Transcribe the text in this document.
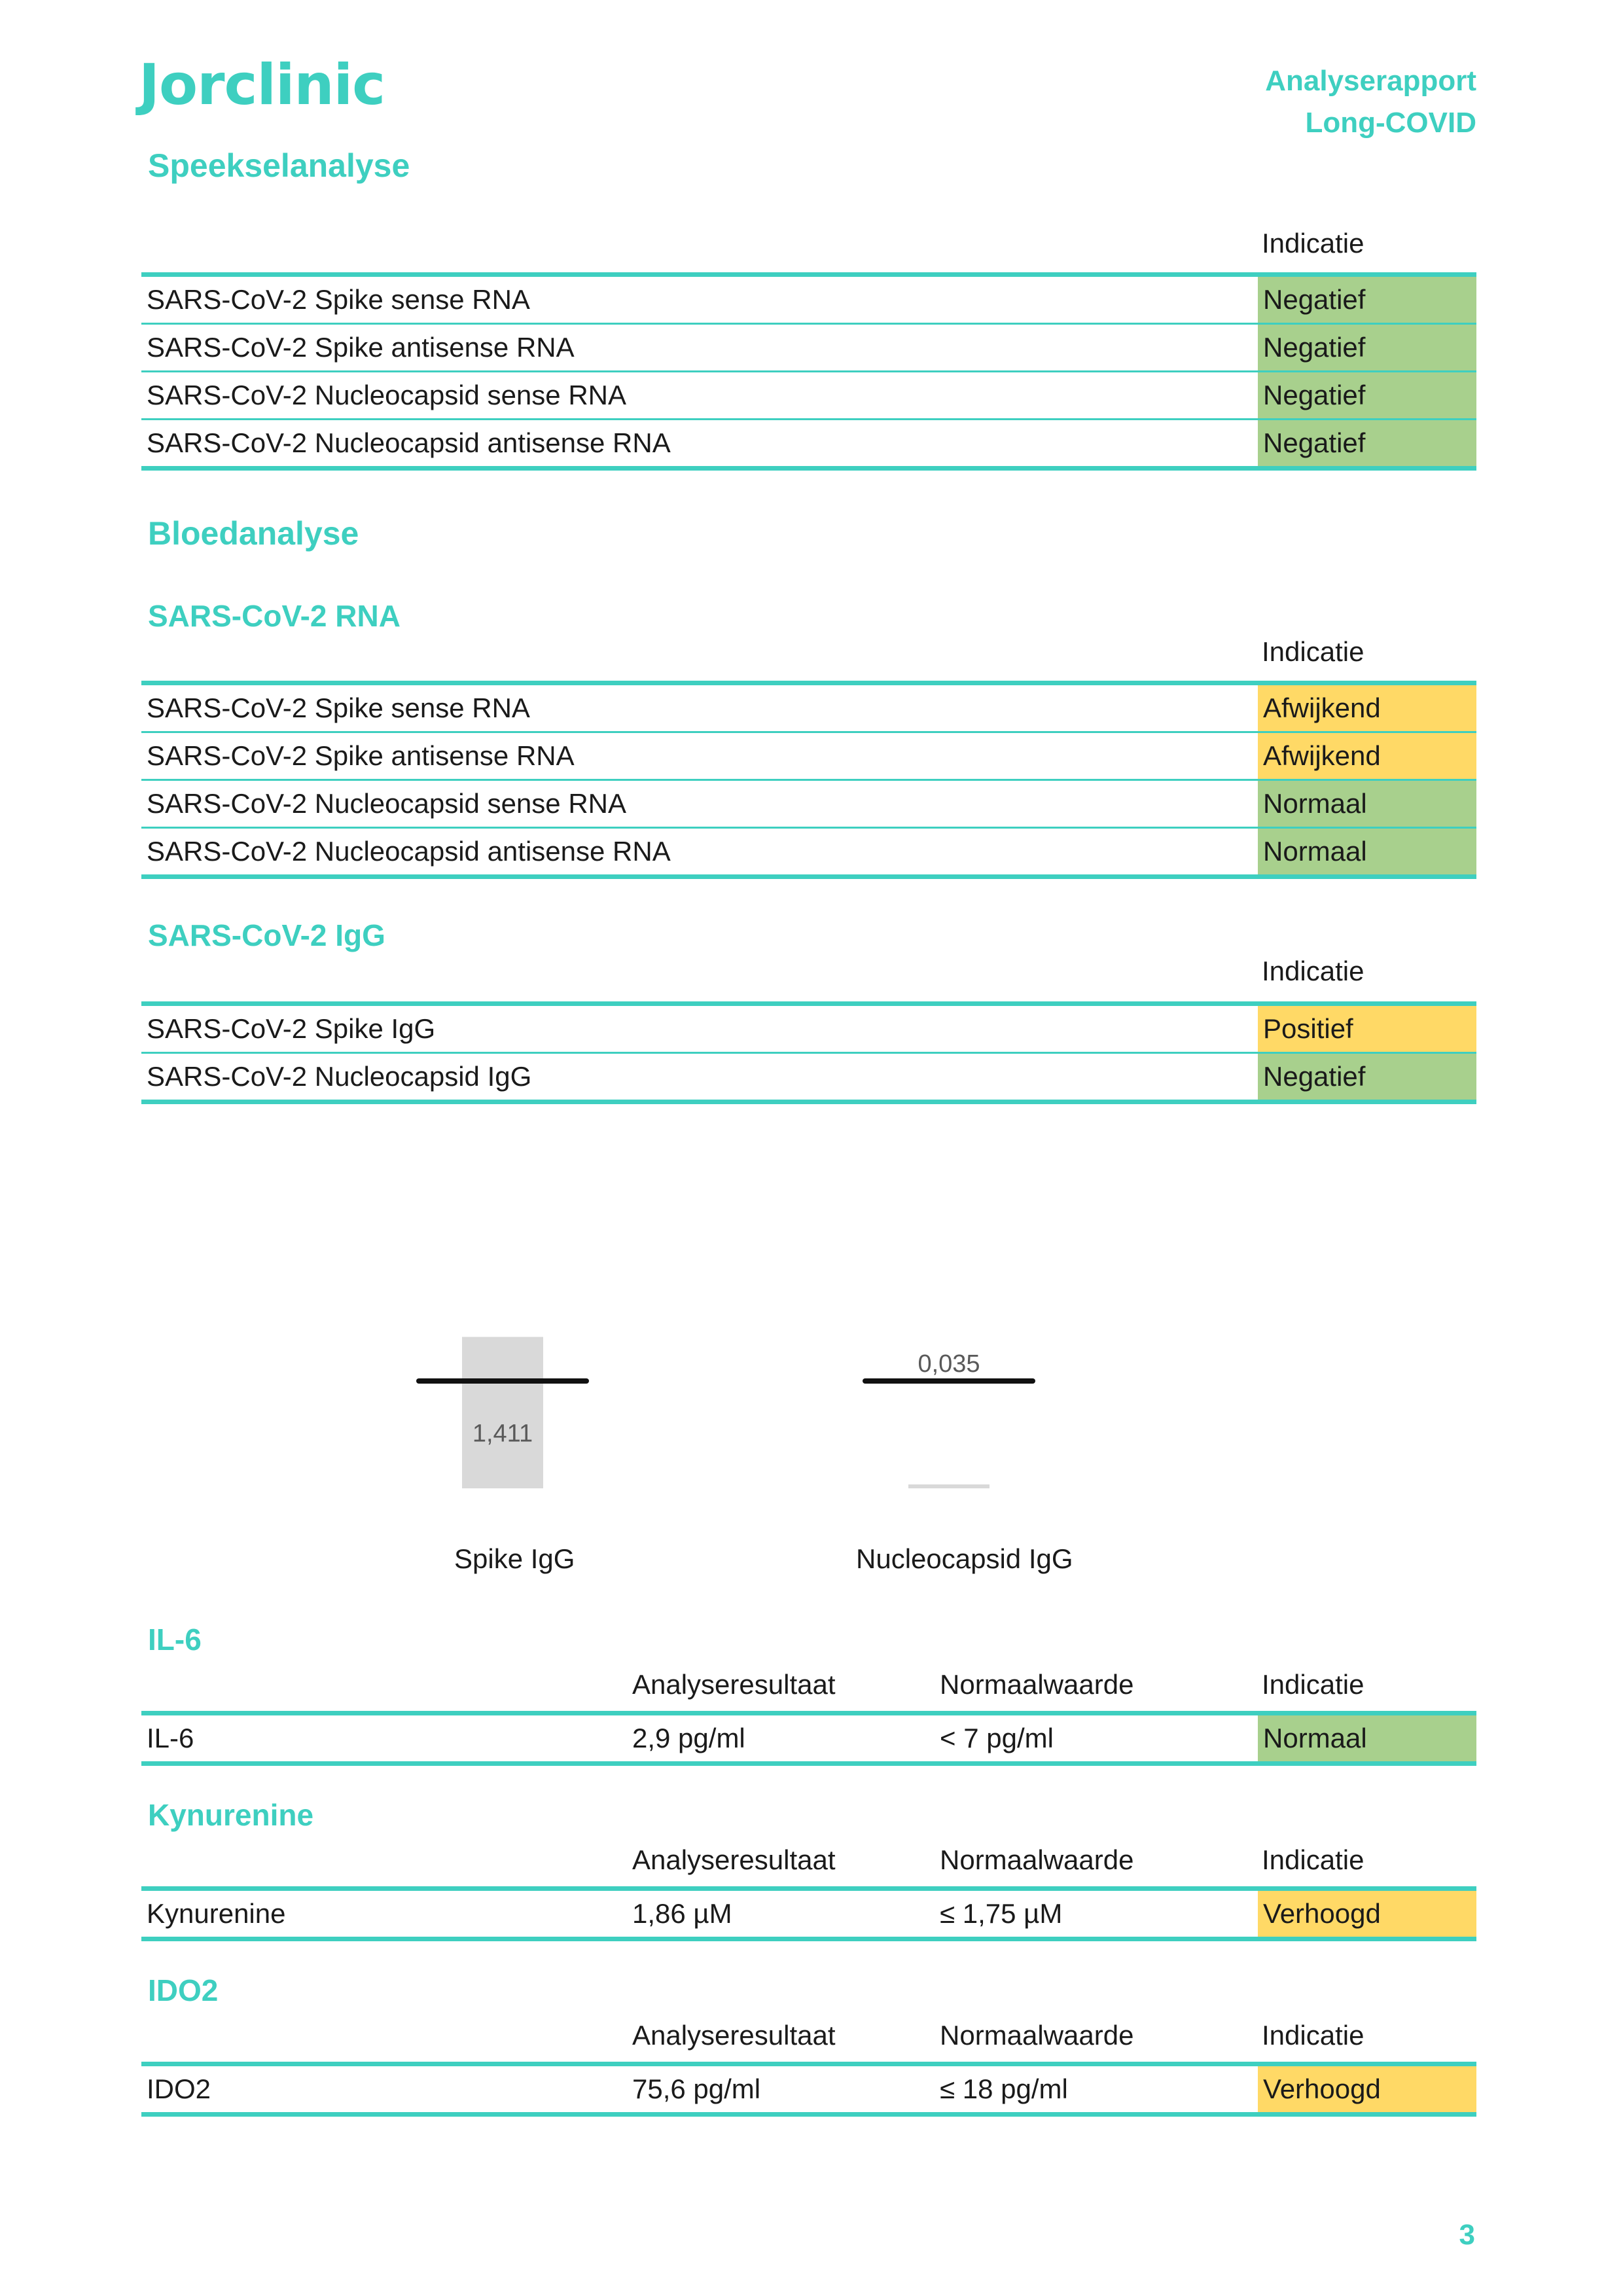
Jorclinic	Analyserapport
Long-COVID
Speekselanalyse
Indicatie
SARS-CoV-2 Spike sense RNA	Negatief
SARS-CoV-2 Spike antisense RNA	Negatief
SARS-CoV-2 Nucleocapsid sense RNA	Negatief
SARS-CoV-2 Nucleocapsid antisense RNA	Negatief
Bloedanalyse
SARS-CoV-2 RNA
Indicatie
SARS-CoV-2 Spike sense RNA	Afwijkend
SARS-CoV-2 Spike antisense RNA	Afwijkend
SARS-CoV-2 Nucleocapsid sense RNA	Normaal
SARS-CoV-2 Nucleocapsid antisense RNA	Normaal
SARS-CoV-2 IgG
Indicatie
SARS-CoV-2 Spike IgG	Positief
SARS-CoV-2 Nucleocapsid IgG	Negatief
1,411
0,035
Spike IgG	Nucleocapsid IgG
IL-6
Analyseresultaat	Normaalwaarde	Indicatie
IL-6	2,9 pg/ml	< 7 pg/ml	Normaal
Kynurenine
Analyseresultaat	Normaalwaarde	Indicatie
Kynurenine	1,86 µM	≤ 1,75 µM	Verhoogd
IDO2
Analyseresultaat	Normaalwaarde	Indicatie
IDO2	75,6 pg/ml	≤ 18 pg/ml	Verhoogd
3
